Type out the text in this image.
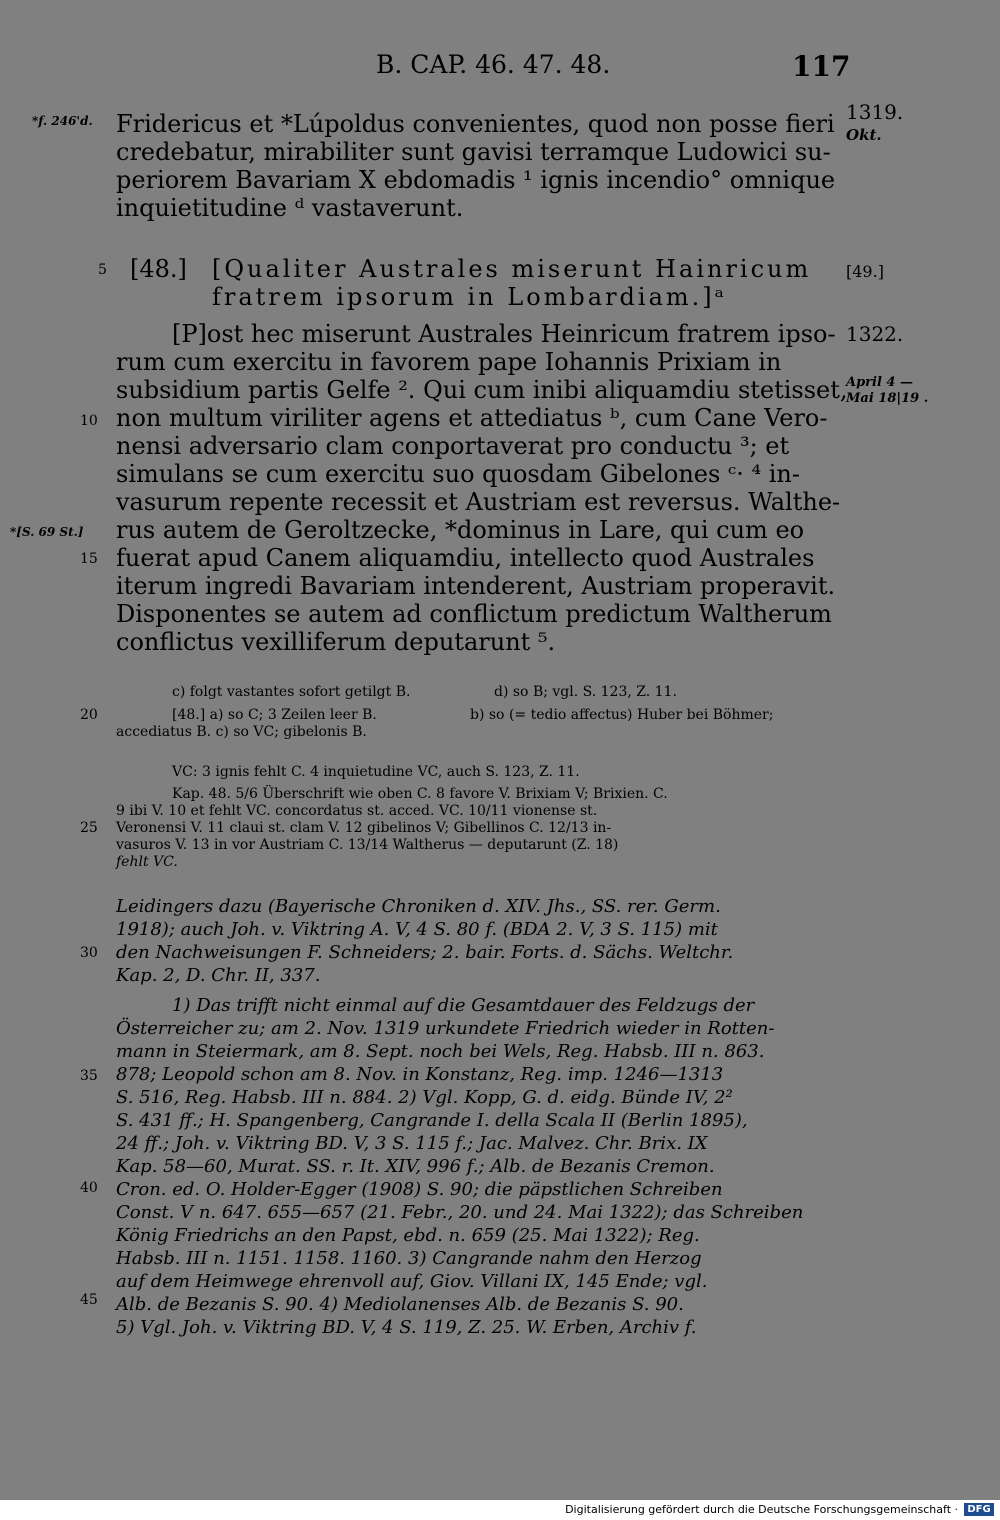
B. CAP. 46. 47. 48.	117
*f. 246'd.
*[S. 69 St.]
1319.
Okt.
1322.
April 4 —
Mai 18|19 .
5
10
15
20
25
30
35
40
45
Fridericus et *Lúpoldus convenientes, quod non posse fieri
credebatur, mirabiliter sunt gavisi terramque Ludowici su-
periorem Bavariam X ebdomadis ¹ ignis incendio° omnique
inquietitudine ᵈ vastaverunt.
[48.] [Qualiter Australes miserunt Hainricum
fratrem ipsorum in Lombardiam.]ᵃ
[49.]
[P]ost hec miserunt Australes Heinricum fratrem ipso-
rum cum exercitu in favorem pape Iohannis Prixiam in
subsidium partis Gelfe ². Qui cum inibi aliquamdiu stetisset,
non multum viriliter agens et attediatus ᵇ, cum Cane Vero-
nensi adversario clam conportaverat pro conductu ³; et
simulans se cum exercitu suo quosdam Gibelones ᶜ· ⁴ in-
vasurum repente recessit et Austriam est reversus. Walthe-
rus autem de Geroltzecke, *dominus in Lare, qui cum eo
fuerat apud Canem aliquamdiu, intellecto quod Australes
iterum ingredi Bavariam intenderent, Austriam properavit.
Disponentes se autem ad conflictum predictum Waltherum
conflictus vexilliferum deputarunt ⁵.
c) folgt vastantes sofort getilgt B.	d) so B; vgl. S. 123, Z. 11.
[48.] a) so C; 3 Zeilen leer B.	b) so (= tedio affectus) Huber bei Böhmer;
accediatus B. c) so VC; gibelonis B.
VC: 3 ignis fehlt C. 4 inquietudine VC, auch S. 123, Z. 11.
Kap. 48. 5/6 Überschrift wie oben C. 8 favore V. Brixiam V; Brixien. C.
9 ibi V. 10 et fehlt VC. concordatus st. acced. VC. 10/11 vionense st.
Veronensi V. 11 claui st. clam V. 12 gibelinos V; Gibellinos C. 12/13 in-
vasuros V. 13 in vor Austriam C. 13/14 Waltherus — deputarunt (Z. 18)
fehlt VC.
Leidingers dazu (Bayerische Chroniken d. XIV. Jhs., SS. rer. Germ.
1918); auch Joh. v. Viktring A. V, 4 S. 80 f. (BDA 2. V, 3 S. 115) mit
den Nachweisungen F. Schneiders; 2. bair. Forts. d. Sächs. Weltchr.
Kap. 2, D. Chr. II, 337.
1) Das trifft nicht einmal auf die Gesamtdauer des Feldzugs der
Österreicher zu; am 2. Nov. 1319 urkundete Friedrich wieder in Rotten-
mann in Steiermark, am 8. Sept. noch bei Wels, Reg. Habsb. III n. 863.
878; Leopold schon am 8. Nov. in Konstanz, Reg. imp. 1246—1313
S. 516, Reg. Habsb. III n. 884. 2) Vgl. Kopp, G. d. eidg. Bünde IV, 2²
S. 431 ff.; H. Spangenberg, Cangrande I. della Scala II (Berlin 1895),
24 ff.; Joh. v. Viktring BD. V, 3 S. 115 f.; Jac. Malvez. Chr. Brix. IX
Kap. 58—60, Murat. SS. r. It. XIV, 996 f.; Alb. de Bezanis Cremon.
Cron. ed. O. Holder-Egger (1908) S. 90; die päpstlichen Schreiben
Const. V n. 647. 655—657 (21. Febr., 20. und 24. Mai 1322); das Schreiben
König Friedrichs an den Papst, ebd. n. 659 (25. Mai 1322); Reg.
Habsb. III n. 1151. 1158. 1160. 3) Cangrande nahm den Herzog
auf dem Heimwege ehrenvoll auf, Giov. Villani IX, 145 Ende; vgl.
Alb. de Bezanis S. 90. 4) Mediolanenses Alb. de Bezanis S. 90.
5) Vgl. Joh. v. Viktring BD. V, 4 S. 119, Z. 25. W. Erben, Archiv f.
Digitalisierung gefördert durch die Deutsche Forschungsgemeinschaft · DFG
